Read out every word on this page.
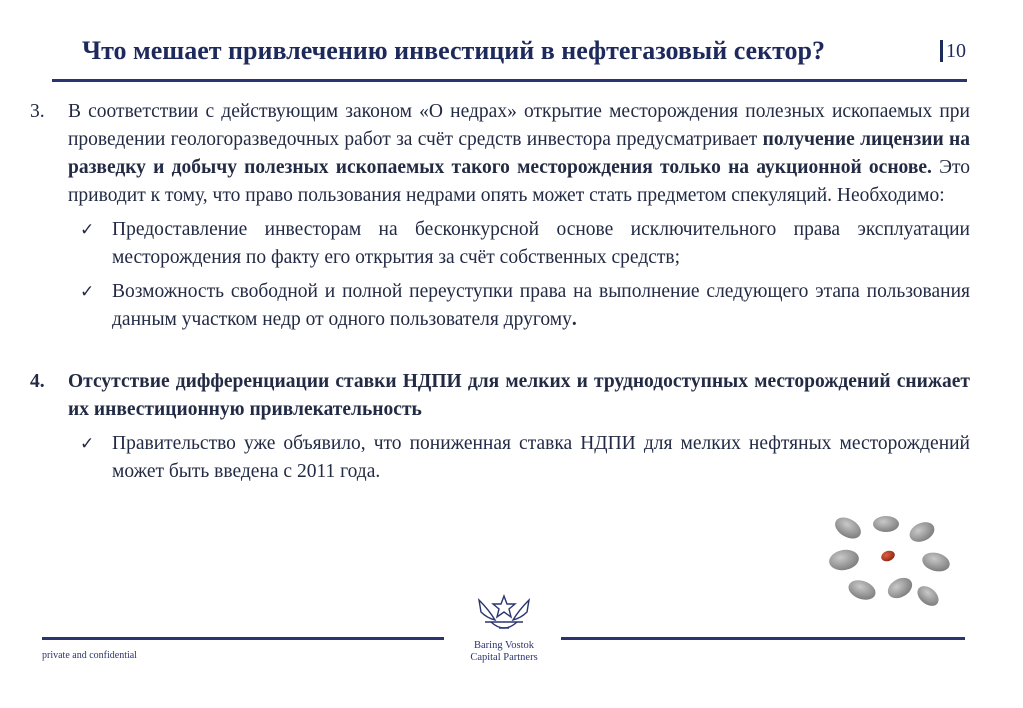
Что мешает привлечению инвестиций в нефтегазовый сектор?	10
3. В соответствии с действующим законом «О недрах» открытие месторождения полезных ископаемых при проведении геологоразведочных работ за счёт средств инвестора предусматривает получение лицензии на разведку и добычу полезных ископаемых такого месторождения только на аукционной основе. Это приводит к тому, что право пользования недрами опять может стать предметом спекуляций. Необходимо:
✓ Предоставление инвесторам на бесконкурсной основе исключительного права эксплуатации месторождения по факту его открытия за счёт собственных средств;
✓ Возможность свободной и полной переуступки права на выполнение следующего этапа пользования данным участком недр от одного пользователя другому.
4. Отсутствие дифференциации ставки НДПИ для мелких и труднодоступных месторождений снижает их инвестиционную привлекательность
✓ Правительство уже объявило, что пониженная ставка НДПИ для мелких нефтяных месторождений может быть введена с 2011 года.
Baring Vostok
Capital Partners
private and confidential
